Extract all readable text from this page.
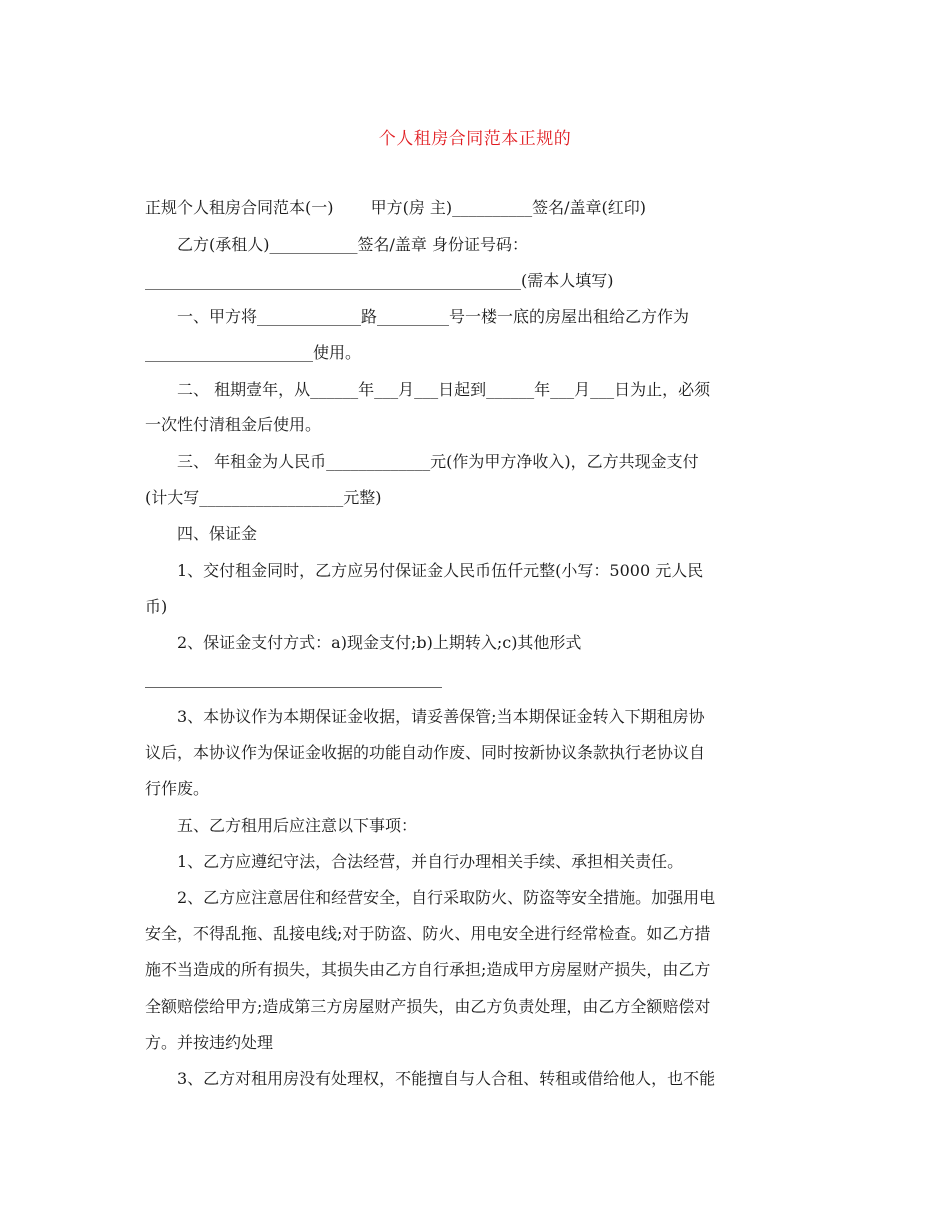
个人租房合同范本正规的
正规个人租房合同范本(一)　　 甲方(房 主)__________签名/盖章(红印)
　　乙方(承租人)___________签名/盖章 身份证号码：
_______________________________________________(需本人填写)
　　一、甲方将_____________路_________号一楼一底的房屋出租给乙方作为
_____________________使用。
　　二、 租期壹年，从______年___月___日起到______年___月___日为止，必须
一次性付清租金后使用。
　　三、 年租金为人民币_____________元(作为甲方净收入)，乙方共现金支付
(计大写__________________元整)
　　四、保证金
　　1、交付租金同时，乙方应另付保证金人民币伍仟元整(小写：5000 元人民
币)
　　2、保证金支付方式：a)现金支付;b)上期转入;c)其他形式
　　3、本协议作为本期保证金收据，请妥善保管;当本期保证金转入下期租房协
议后，本协议作为保证金收据的功能自动作废、同时按新协议条款执行老协议自
行作废。
　　五、乙方租用后应注意以下事项：
　　1、乙方应遵纪守法，合法经营，并自行办理相关手续、承担相关责任。
　　2、乙方应注意居住和经营安全，自行采取防火、防盗等安全措施。加强用电
安全，不得乱拖、乱接电线;对于防盗、防火、用电安全进行经常检查。如乙方措
施不当造成的所有损失，其损失由乙方自行承担;造成甲方房屋财产损失，由乙方
全额赔偿给甲方;造成第三方房屋财产损失，由乙方负责处理，由乙方全额赔偿对
方。并按违约处理
　　3、乙方对租用房没有处理权，不能擅自与人合租、转租或借给他人，也不能
